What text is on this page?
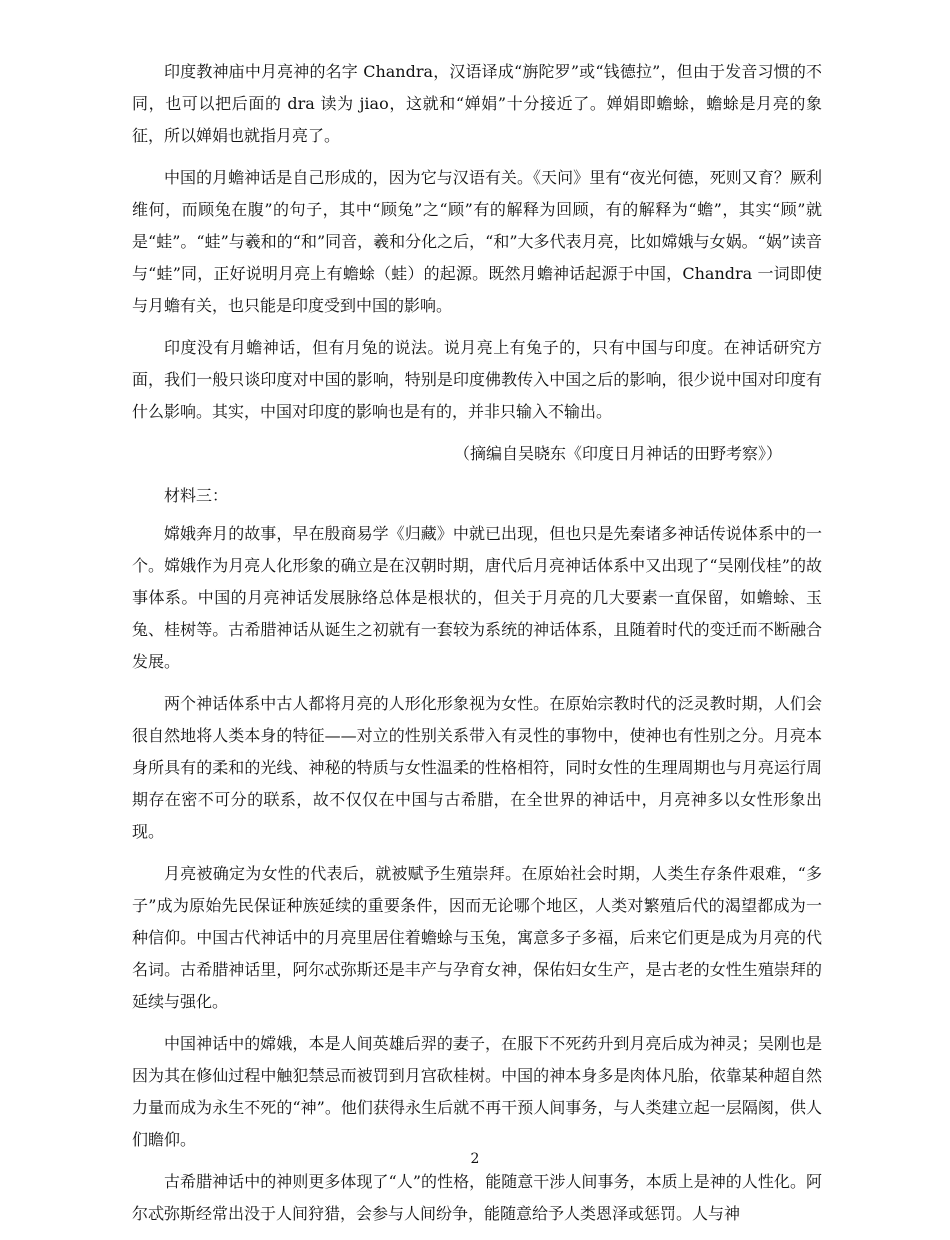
印度教神庙中月亮神的名字 Chandra，汉语译成“旃陀罗”或“钱德拉”，但由于发音习惯的不同，也可以把后面的 dra 读为 jiao，这就和“婵娟”十分接近了。婵娟即蟾蜍，蟾蜍是月亮的象征，所以婵娟也就指月亮了。

中国的月蟾神话是自己形成的，因为它与汉语有关。《天问》里有“夜光何德，死则又育？厥利维何，而顾兔在腹”的句子，其中“顾兔”之“顾”有的解释为回顾，有的解释为“蟾”，其实“顾”就是“蛙”。“蛙”与羲和的“和”同音，羲和分化之后，“和”大多代表月亮，比如嫦娥与女娲。“娲”读音与“蛙”同，正好说明月亮上有蟾蜍（蛙）的起源。既然月蟾神话起源于中国，Chandra 一词即使与月蟾有关，也只能是印度受到中国的影响。

印度没有月蟾神话，但有月兔的说法。说月亮上有兔子的，只有中国与印度。在神话研究方面，我们一般只谈印度对中国的影响，特别是印度佛教传入中国之后的影响，很少说中国对印度有什么影响。其实，中国对印度的影响也是有的，并非只输入不输出。

（摘编自吴晓东《印度日月神话的田野考察》）

材料三：

嫦娥奔月的故事，早在殷商易学《归藏》中就已出现，但也只是先秦诸多神话传说体系中的一个。嫦娥作为月亮人化形象的确立是在汉朝时期，唐代后月亮神话体系中又出现了“吴刚伐桂”的故事体系。中国的月亮神话发展脉络总体是根状的，但关于月亮的几大要素一直保留，如蟾蜍、玉兔、桂树等。古希腊神话从诞生之初就有一套较为系统的神话体系，且随着时代的变迁而不断融合发展。

两个神话体系中古人都将月亮的人形化形象视为女性。在原始宗教时代的泛灵教时期，人们会很自然地将人类本身的特征——对立的性别关系带入有灵性的事物中，使神也有性别之分。月亮本身所具有的柔和的光线、神秘的特质与女性温柔的性格相符，同时女性的生理周期也与月亮运行周期存在密不可分的联系，故不仅仅在中国与古希腊，在全世界的神话中，月亮神多以女性形象出现。

月亮被确定为女性的代表后，就被赋予生殖崇拜。在原始社会时期，人类生存条件艰难，“多子”成为原始先民保证种族延续的重要条件，因而无论哪个地区，人类对繁殖后代的渴望都成为一种信仰。中国古代神话中的月亮里居住着蟾蜍与玉兔，寓意多子多福，后来它们更是成为月亮的代名词。古希腊神话里，阿尔忒弥斯还是丰产与孕育女神，保佑妇女生产，是古老的女性生殖崇拜的延续与强化。

中国神话中的嫦娥，本是人间英雄后羿的妻子，在服下不死药升到月亮后成为神灵；吴刚也是因为其在修仙过程中触犯禁忌而被罚到月宫砍桂树。中国的神本身多是肉体凡胎，依靠某种超自然力量而成为永生不死的“神”。他们获得永生后就不再干预人间事务，与人类建立起一层隔阂，供人们瞻仰。

古希腊神话中的神则更多体现了“人”的性格，能随意干涉人间事务，本质上是神的人性化。阿尔忒弥斯经常出没于人间狩猎，会参与人间纷争，能随意给予人类恩泽或惩罚。人与神

2
